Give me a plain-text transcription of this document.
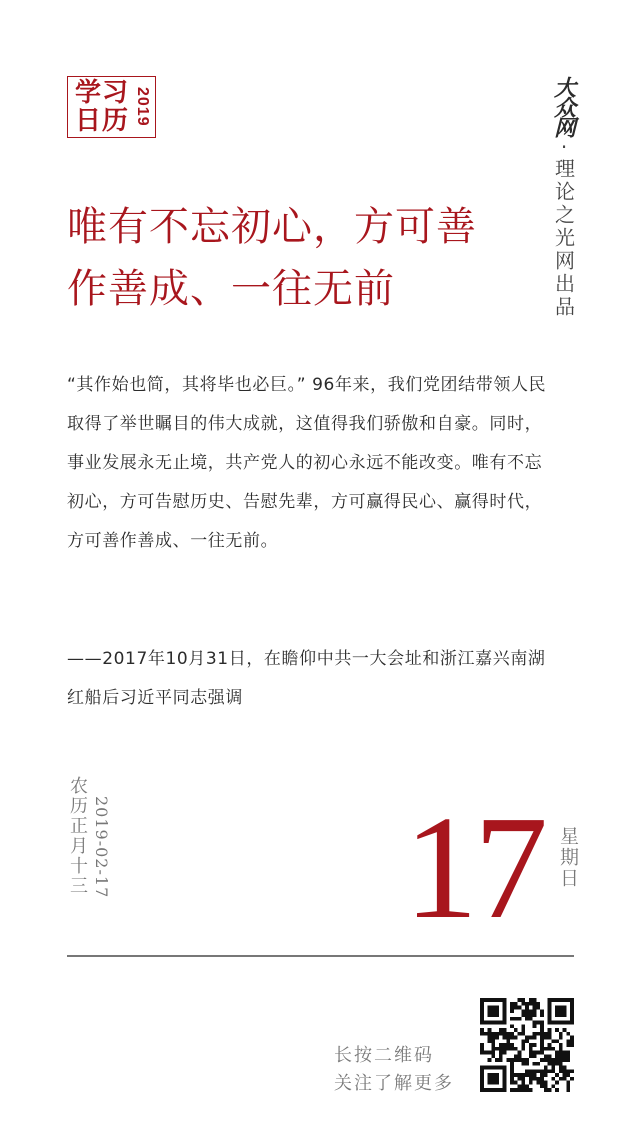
学习
日历 2019	大众网
·
理论之光网出品
唯有不忘初心，方可善
作善成、一往无前

“其作始也简，其将毕也必巨。” 96年来，我们党团结带领人民取得了举世瞩目的伟大成就，这值得我们骄傲和自豪。同时，事业发展永无止境，共产党人的初心永远不能改变。唯有不忘初心，方可告慰历史、告慰先辈，方可赢得民心、赢得时代，方可善作善成、一往无前。

——2017年10月31日，在瞻仰中共一大会址和浙江嘉兴南湖红船后习近平同志强调

农历正月十三 2019-02-17 17 星期日
长按二维码
关注了解更多
